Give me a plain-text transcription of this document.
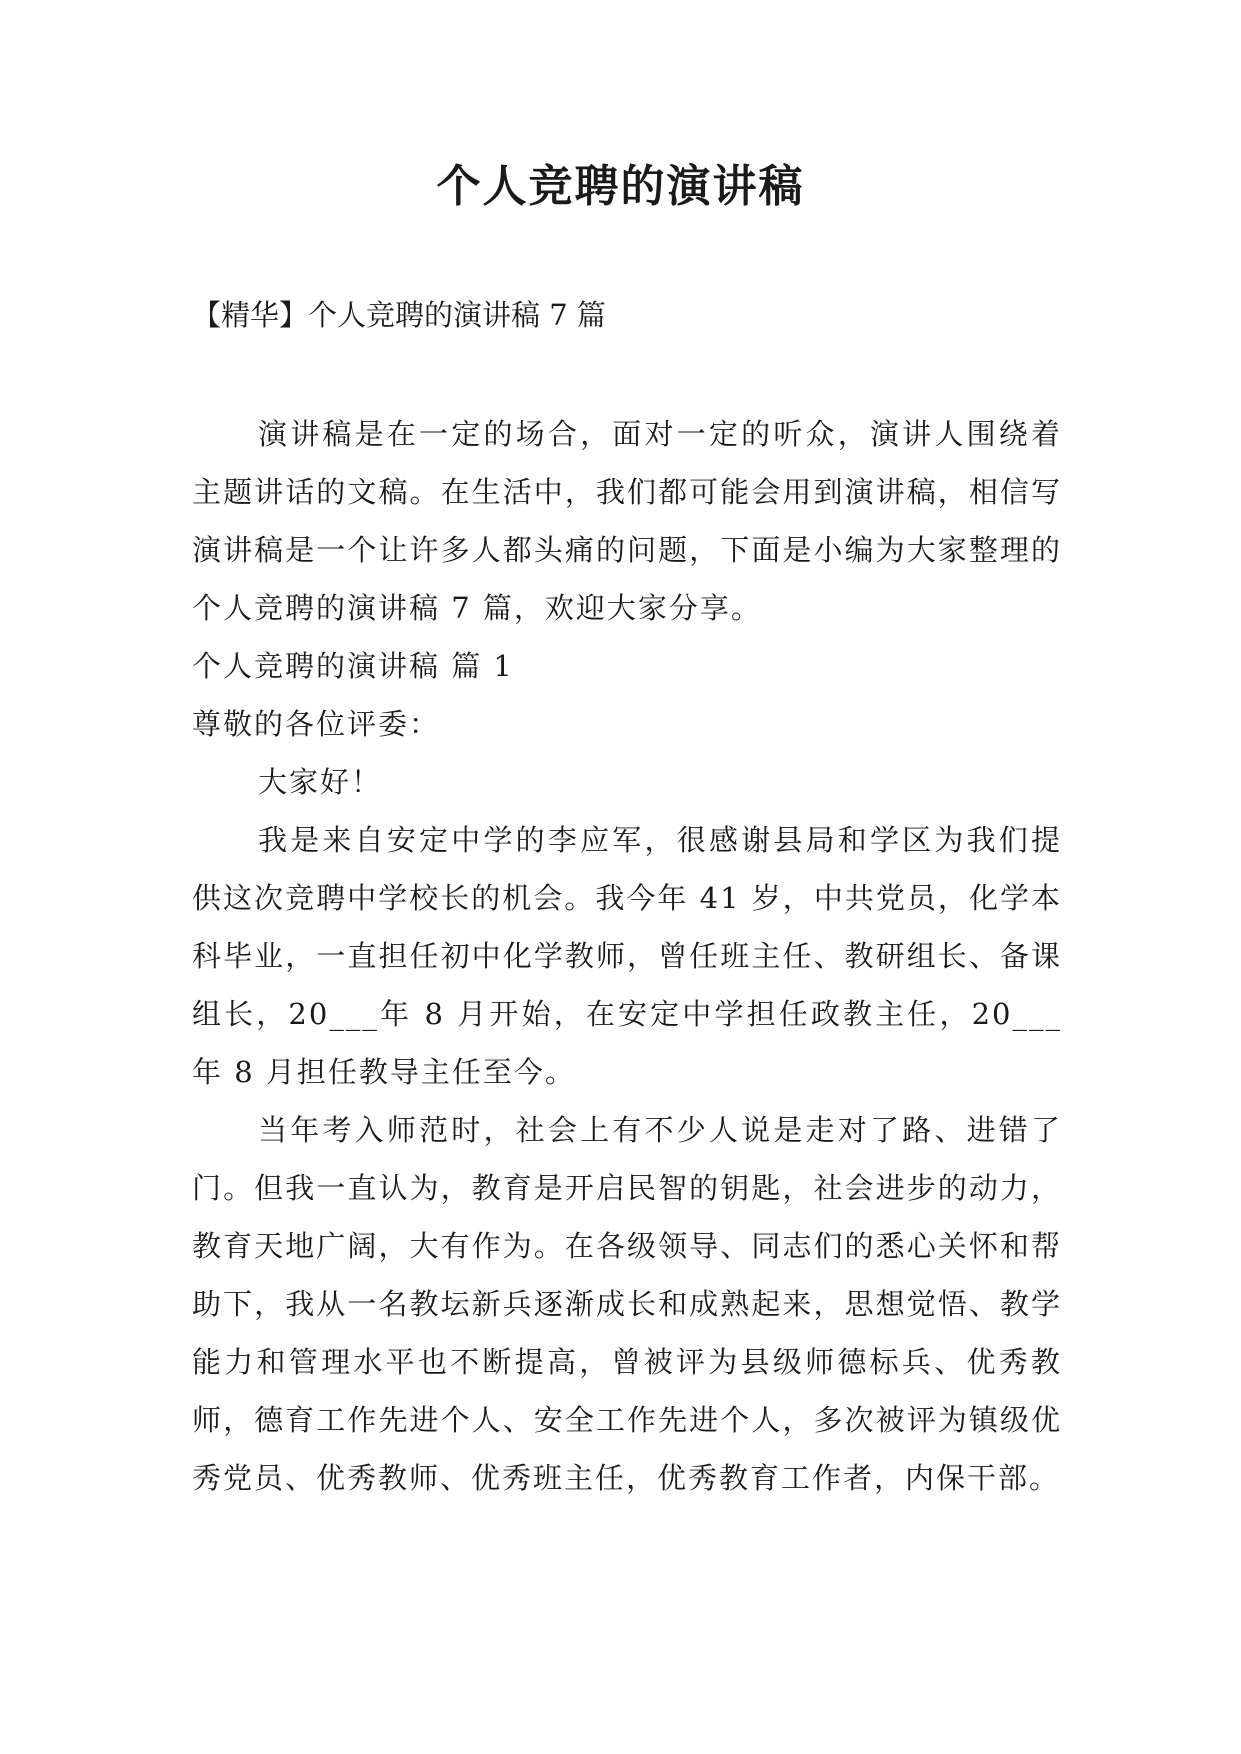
个人竞聘的演讲稿

【精华】个人竞聘的演讲稿 7 篇

演讲稿是在一定的场合，面对一定的听众，演讲人围绕着主题讲话的文稿。在生活中，我们都可能会用到演讲稿，相信写演讲稿是一个让许多人都头痛的问题，下面是小编为大家整理的个人竞聘的演讲稿 7 篇，欢迎大家分享。

个人竞聘的演讲稿 篇 1

尊敬的各位评委：

大家好！

我是来自安定中学的李应军，很感谢县局和学区为我们提供这次竞聘中学校长的机会。我今年 41 岁，中共党员，化学本科毕业，一直担任初中化学教师，曾任班主任、教研组长、备课组长，20___年 8 月开始，在安定中学担任政教主任，20___年 8 月担任教导主任至今。

当年考入师范时，社会上有不少人说是走对了路、进错了门。但我一直认为，教育是开启民智的钥匙，社会进步的动力，教育天地广阔，大有作为。在各级领导、同志们的悉心关怀和帮助下，我从一名教坛新兵逐渐成长和成熟起来，思想觉悟、教学能力和管理水平也不断提高，曾被评为县级师德标兵、优秀教师，德育工作先进个人、安全工作先进个人，多次被评为镇级优秀党员、优秀教师、优秀班主任，优秀教育工作者，内保干部。
